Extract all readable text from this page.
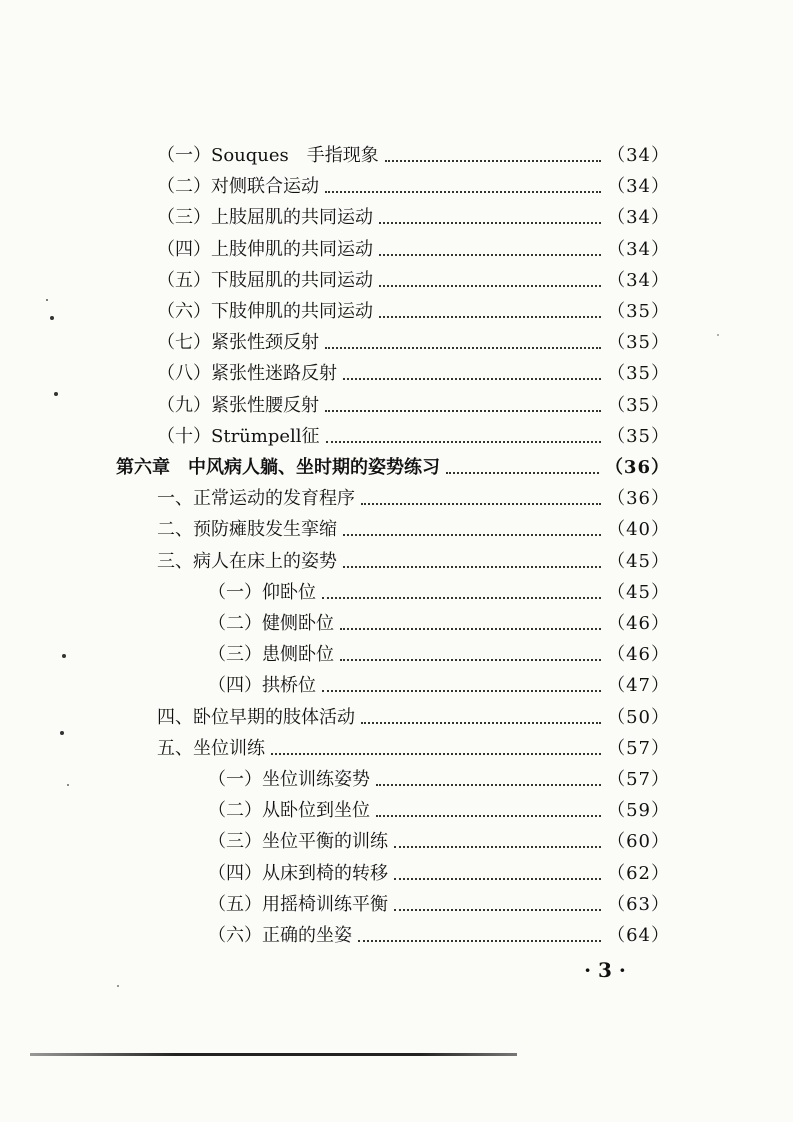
（一）Souques　手指现象	（34）
（二）对侧联合运动	（34）
（三）上肢屈肌的共同运动	（34）
（四）上肢伸肌的共同运动	（34）
（五）下肢屈肌的共同运动	（34）
（六）下肢伸肌的共同运动	（35）
（七）紧张性颈反射	（35）
（八）紧张性迷路反射	（35）
（九）紧张性腰反射	（35）
（十）Strümpell征	（35）
第六章　中风病人躺、坐时期的姿势练习	（36）
一、正常运动的发育程序	（36）
二、预防瘫肢发生挛缩	（40）
三、病人在床上的姿势	（45）
（一）仰卧位	（45）
（二）健侧卧位	（46）
（三）患侧卧位	（46）
（四）拱桥位	（47）
四、卧位早期的肢体活动	（50）
五、坐位训练	（57）
（一）坐位训练姿势	（57）
（二）从卧位到坐位	（59）
（三）坐位平衡的训练	（60）
（四）从床到椅的转移	（62）
（五）用摇椅训练平衡	（63）
（六）正确的坐姿	（64）
· 3 ·
